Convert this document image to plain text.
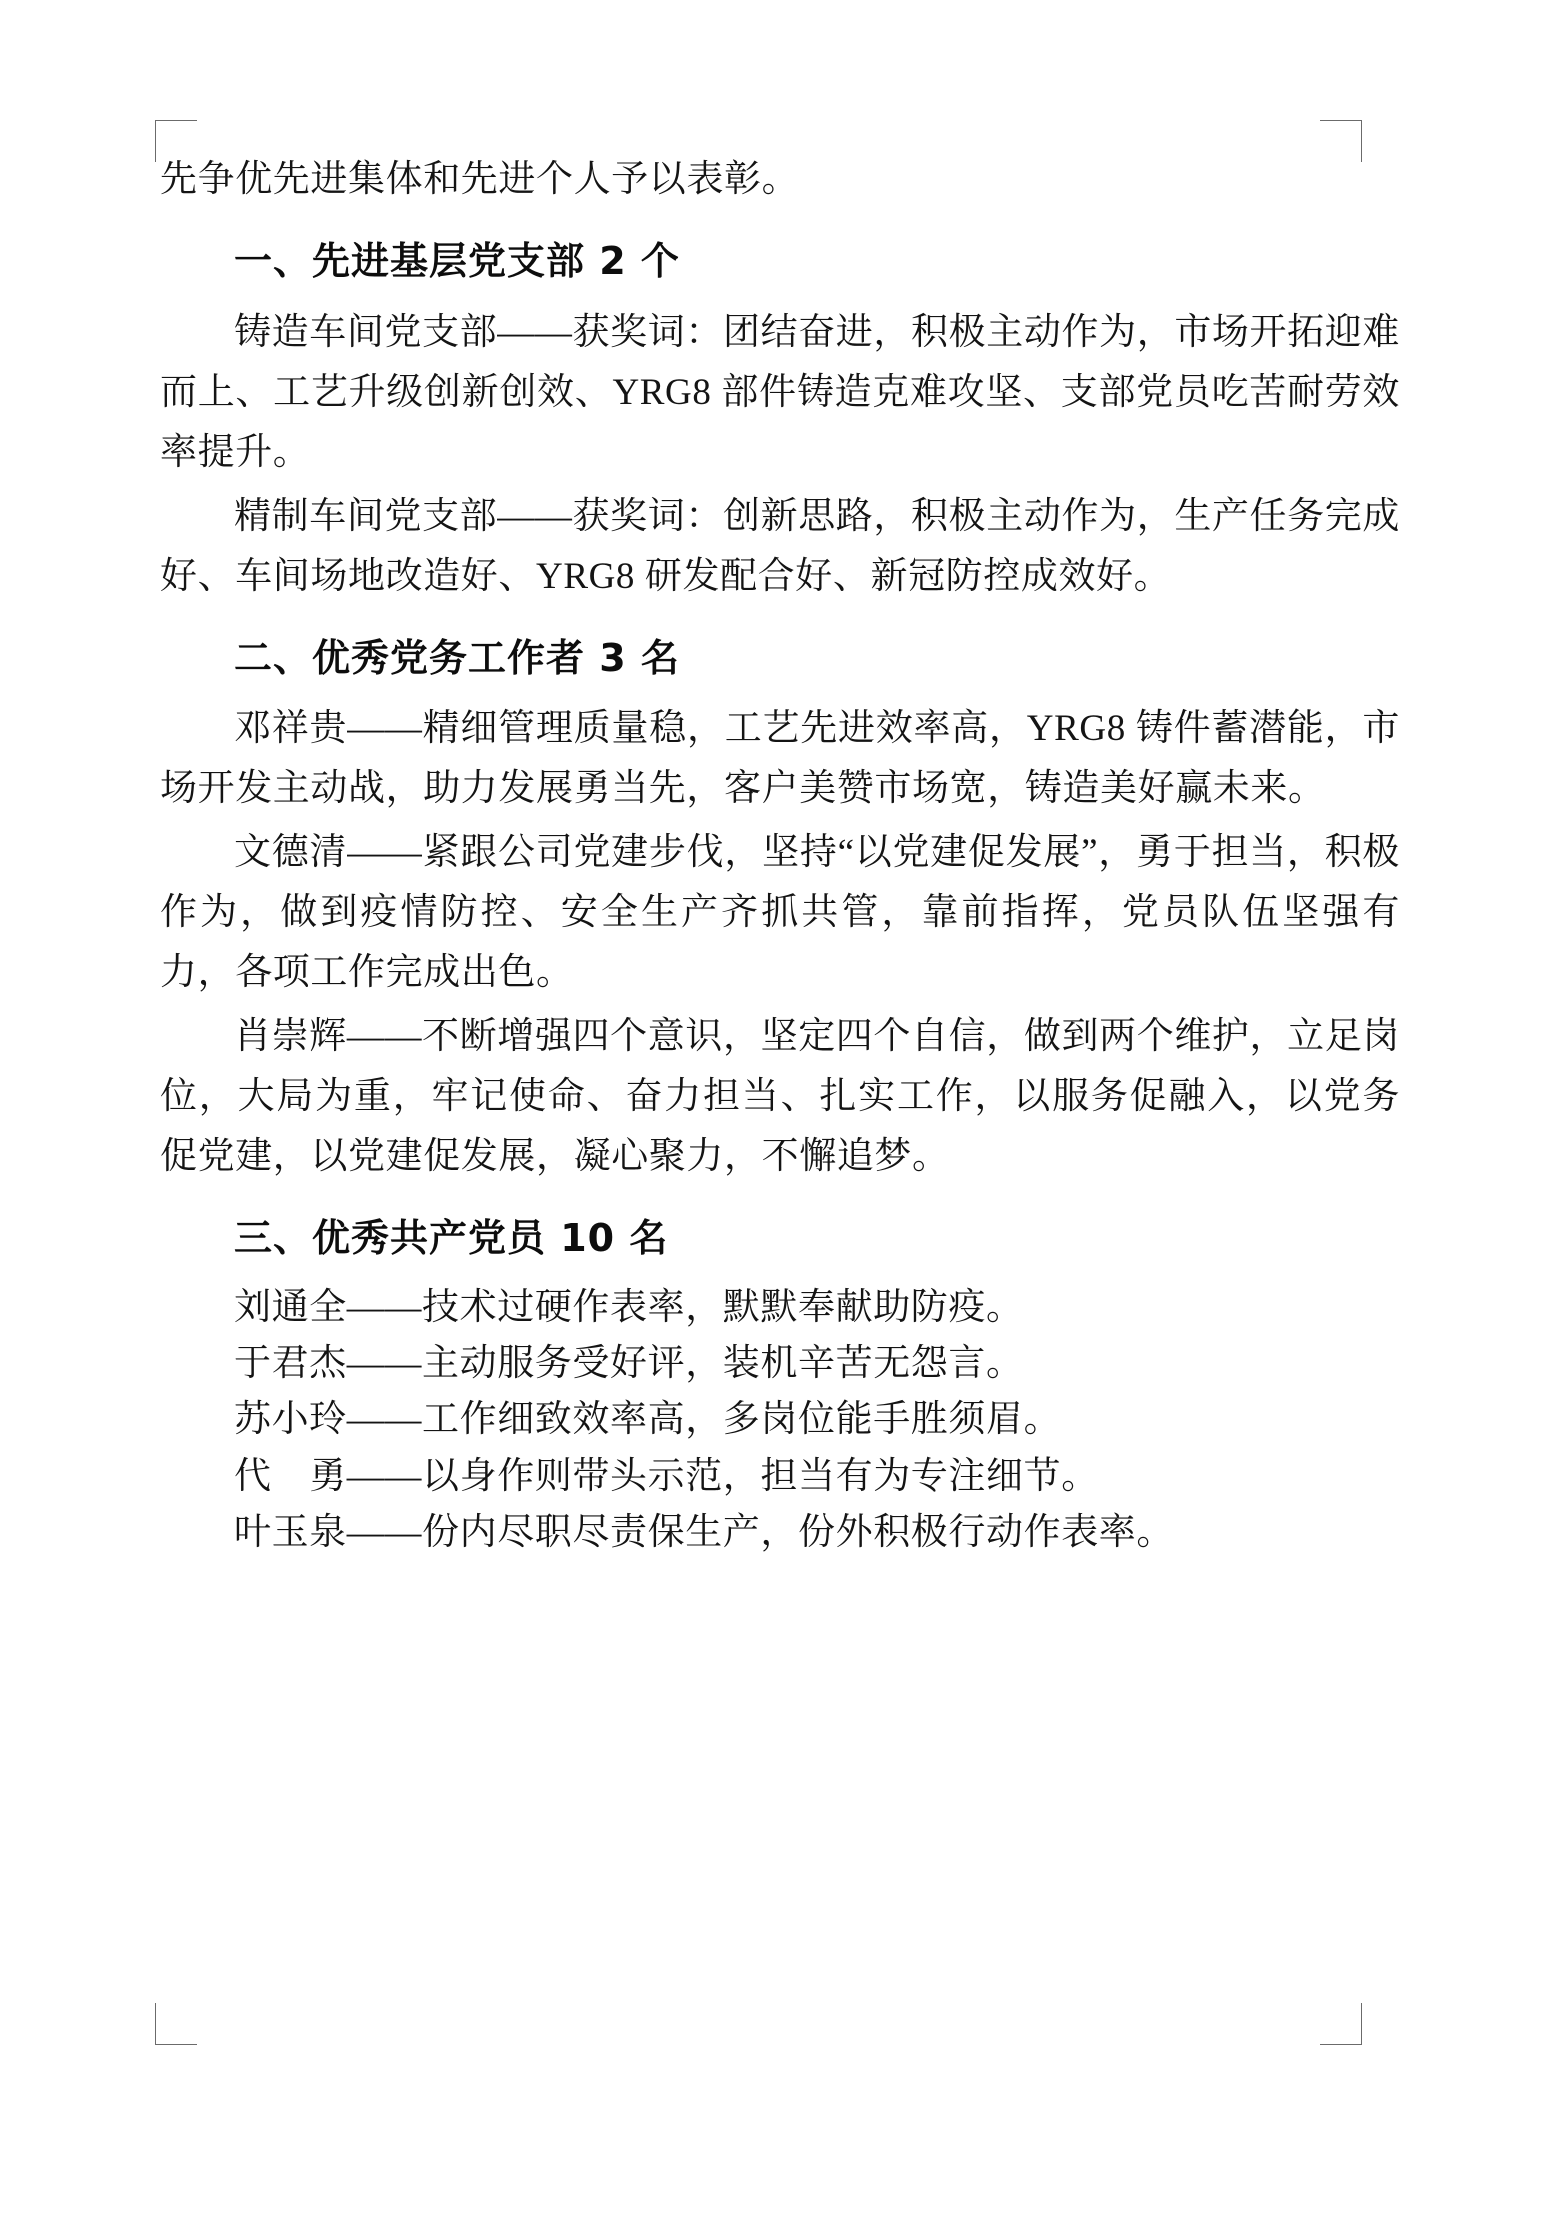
先争优先进集体和先进个人予以表彰。

一、先进基层党支部 2 个

铸造车间党支部——获奖词：团结奋进，积极主动作为，市场开拓迎难而上、工艺升级创新创效、YRG8 部件铸造克难攻坚、支部党员吃苦耐劳效率提升。

精制车间党支部——获奖词：创新思路，积极主动作为，生产任务完成好、车间场地改造好、YRG8 研发配合好、新冠防控成效好。

二、优秀党务工作者 3 名

邓祥贵——精细管理质量稳，工艺先进效率高，YRG8 铸件蓄潜能，市场开发主动战，助力发展勇当先，客户美赞市场宽，铸造美好赢未来。

文德清——紧跟公司党建步伐，坚持“以党建促发展”，勇于担当，积极作为，做到疫情防控、安全生产齐抓共管，靠前指挥，党员队伍坚强有力，各项工作完成出色。

肖崇辉——不断增强四个意识，坚定四个自信，做到两个维护，立足岗位，大局为重，牢记使命、奋力担当、扎实工作，以服务促融入，以党务促党建，以党建促发展，凝心聚力，不懈追梦。

三、优秀共产党员 10 名

刘通全——技术过硬作表率，默默奉献助防疫。

于君杰——主动服务受好评，装机辛苦无怨言。

苏小玲——工作细致效率高，多岗位能手胜须眉。

代　勇——以身作则带头示范，担当有为专注细节。

叶玉泉——份内尽职尽责保生产，份外积极行动作表率。
